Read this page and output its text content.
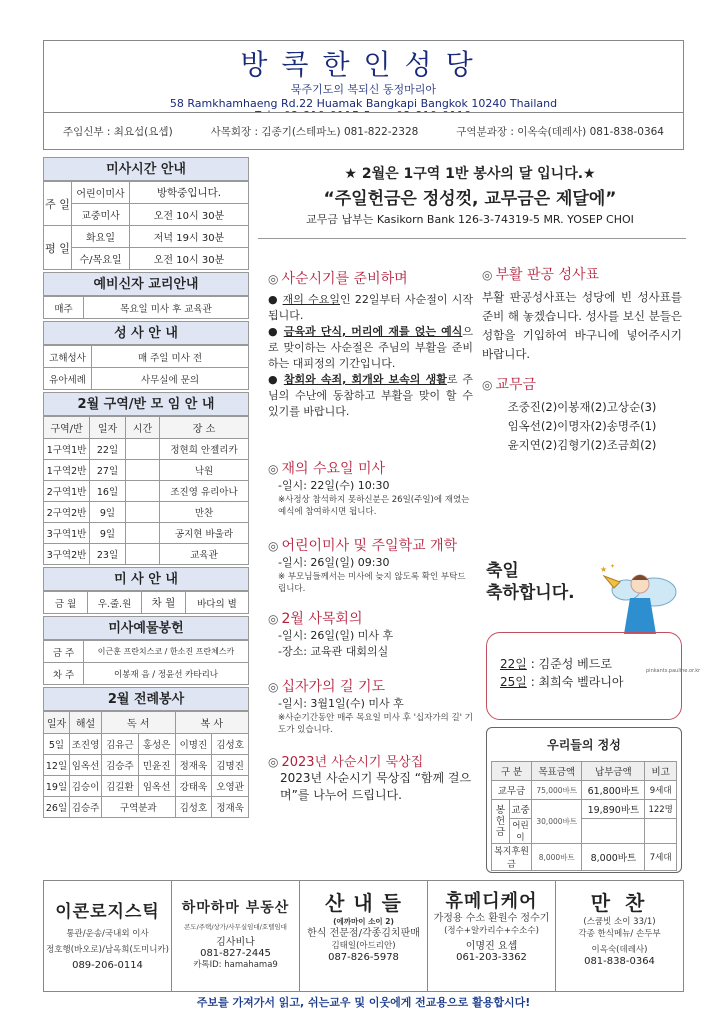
방콕한인성당
묵주기도의 복되신 동정마리아
58 Ramkhamhaeng Rd.22 Huamak Bangkapi Bangkok 10240 Thailand
주임신부 : 최요섭(요셉)	사목회장 : 김종기(스테파노) 081-822-2328	구역분과장 : 이옥숙(데레사) 081-838-0364
미사시간 안내
주 일	어린이미사	방학중입니다.
	교중미사	오전 10시 30분
평 일	화요일	저녁 19시 30분
	수/목요일	오전 10시 30분
예비신자 교리안내
매주	목요일 미사 후 교육관
성 사 안 내
고해성사	매 주일 미사 전
유아세례	사무실에 문의
2월 구역/반 모 임 안 내
구역/반	일자	시간	장 소
1구역1반	22일		정현희 안젤리카
1구역2반	27일		낙원
2구역1반	16일		조진영 유리아나
2구역2반	9일		만찬
3구역1반	9일		공지현 바울라
3구역2반	23일		교육관
미 사 안 내
금 월	우.줄.원	차 월	바다의 별
미사예물봉헌
금 주	이근훈 프란치스코 / 한소진 프란체스카
차 주	이봉재 음 / 정윤선 카타리나
2월 전례봉사
일자	해설	독 서		복 사	
5일	조진영	김유근	홍성은	이명진	김성호
12일	임옥선	김승주	민윤진	정재욱	김명진
19일	김승이	김길환	임옥선	강태욱	오영관
26일	김승주	구역분과		김성호	정재욱
★ 2월은 1구역 1반 봉사의 달 입니다.★
“주일헌금은 정성껏, 교무금은 제달에”
교무금 납부는 Kasikorn Bank 126-3-74319-5 MR. YOSEP CHOI
◎ 사순시기를 준비하며
● 재의 수요일인 22일부터 사순절이 시작됩니다.
● 금육과 단식, 머리에 재를 얹는 예식으로 맞이하는 사순절은 주님의 부활을 준비하는 대피정의 기간입니다.
● 참회와 속죄, 회개와 보속의 생활로 주님의 수난에 동참하고 부활을 맞이 할 수 있기를 바랍니다.
◎ 재의 수요일 미사
-일시: 22일(수) 10:30
※사정상 참석하지 못하신분은 26일(주일)에 재였는예식에 참여하시면 됩니다.
◎ 어린이미사 및 주일학교 개학
-일시: 26일(일) 09:30
※ 부모님들께서는 미사에 늦지 않도록 확인 부탁드립니다.
◎ 2월 사목회의
-일시: 26일(일) 미사 후
-장소: 교육관 대회의실
◎ 십자가의 길 기도
-일시: 3월1일(수) 미사 후
※사순기간동안 매주 목요일 미사 후 '십자가의 길' 기도가 있습니다.
◎ 2023년 사순시기 묵상집
2023년 사순시기 묵상집 “함께 걸으며”를 나누어 드립니다.
◎ 부활 판공 성사표
부활 판공성사표는 성당에 빈 성사표를 준비 해 놓겠습니다. 성사를 보신 분들은 성함을 기입하여 바구니에 넣어주시기 바랍니다.
◎ 교무금
조중진(2)이봉재(2)고상순(3)
임옥선(2)이명자(2)송명주(1)
윤지연(2)김형기(2)조금희(2)
축일
축하합니다.
★ ✦
22일 : 김준성 베드로
25일 : 최희숙 벨라니아
pinkants.pauline.or.kr
우리들의 정성
구 분		목표금액	납부금액	비고
교무금		75,000바트	61,800바트	9세대
봉헌금	교중	30,000바트	19,890바트	122명
	어린이			
복지후원금		8,000바트	8,000바트	7세대
이콘로지스틱
통관/운송/국내외 이사
정호행(바오로)/남옥희(도미니카)
089-206-0114
하마하마 부동산
콘도/주택/상가/사무실임대/호텔임대
김사비나
081-827-2445
카톡ID: hamahama9
산 내 들
(에까마이 소이 2)
한식 전문점/각종김치판매
김태일(아드리안)
087-826-5978
휴메디케어
가정용 수소 환원수 정수기
(정수+알카리수+수소수)
이명진 요셉
061-203-3362
만 찬
(스쿰빗 소이 33/1)
각종 한식메뉴/ 손두부
이옥숙(데레사)
081-838-0364
주보를 가져가서 읽고, 쉬는교우 및 이웃에게 전교용으로 활용합시다!
